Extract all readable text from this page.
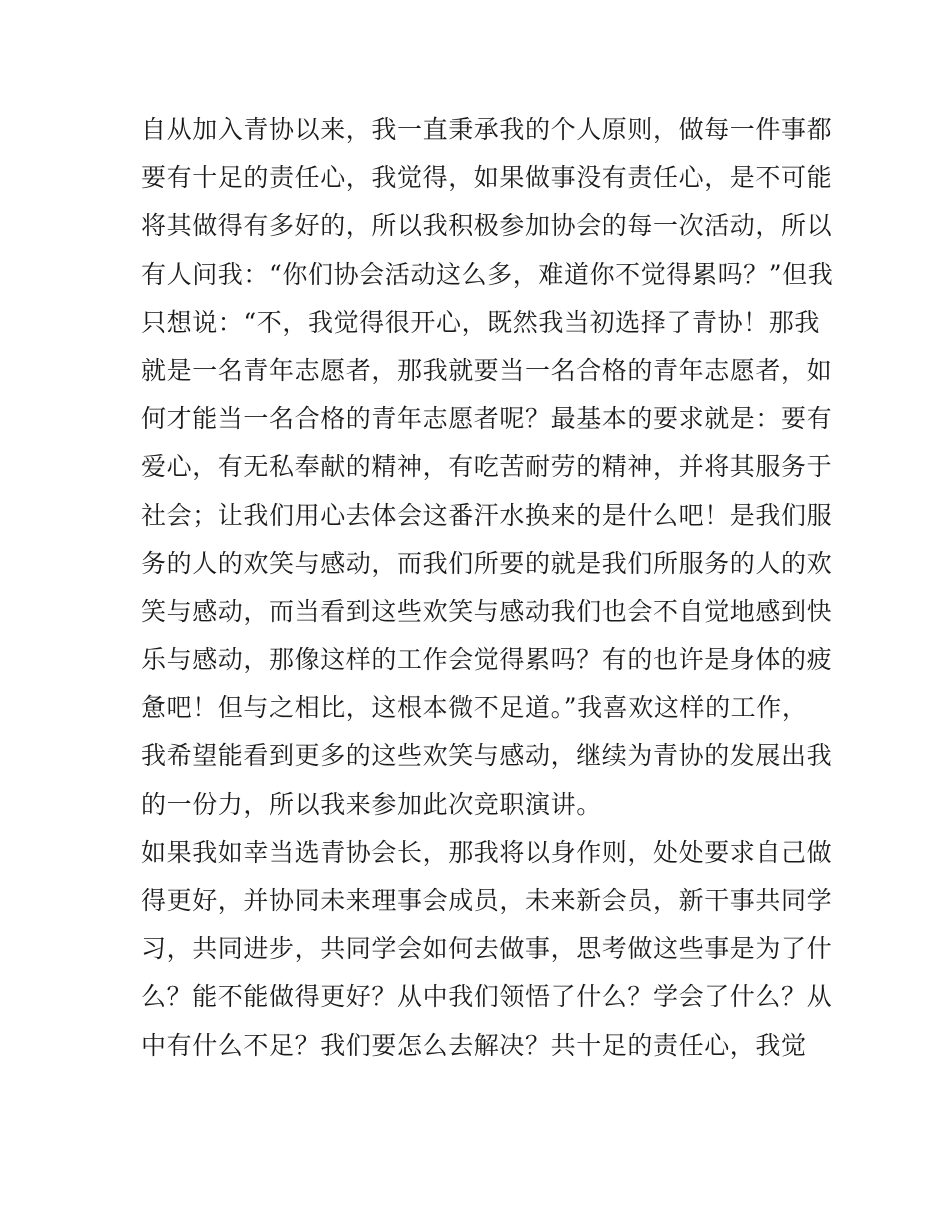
自从加入青协以来，我一直秉承我的个人原则，做每一件事都
要有十足的责任心，我觉得，如果做事没有责任心，是不可能
将其做得有多好的，所以我积极参加协会的每一次活动，所以
有人问我：“你们协会活动这么多，难道你不觉得累吗？”但我
只想说：“不，我觉得很开心，既然我当初选择了青协！那我
就是一名青年志愿者，那我就要当一名合格的青年志愿者，如
何才能当一名合格的青年志愿者呢？最基本的要求就是：要有
爱心，有无私奉献的精神，有吃苦耐劳的精神，并将其服务于
社会；让我们用心去体会这番汗水换来的是什么吧！是我们服
务的人的欢笑与感动，而我们所要的就是我们所服务的人的欢
笑与感动，而当看到这些欢笑与感动我们也会不自觉地感到快
乐与感动，那像这样的工作会觉得累吗？有的也许是身体的疲
惫吧！但与之相比，这根本微不足道。”我喜欢这样的工作，
我希望能看到更多的这些欢笑与感动，继续为青协的发展出我
的一份力，所以我来参加此次竞职演讲。
如果我如幸当选青协会长，那我将以身作则，处处要求自己做
得更好，并协同未来理事会成员，未来新会员，新干事共同学
习，共同进步，共同学会如何去做事，思考做这些事是为了什
么？能不能做得更好？从中我们领悟了什么？学会了什么？从
中有什么不足？我们要怎么去解决？共十足的责任心，我觉
